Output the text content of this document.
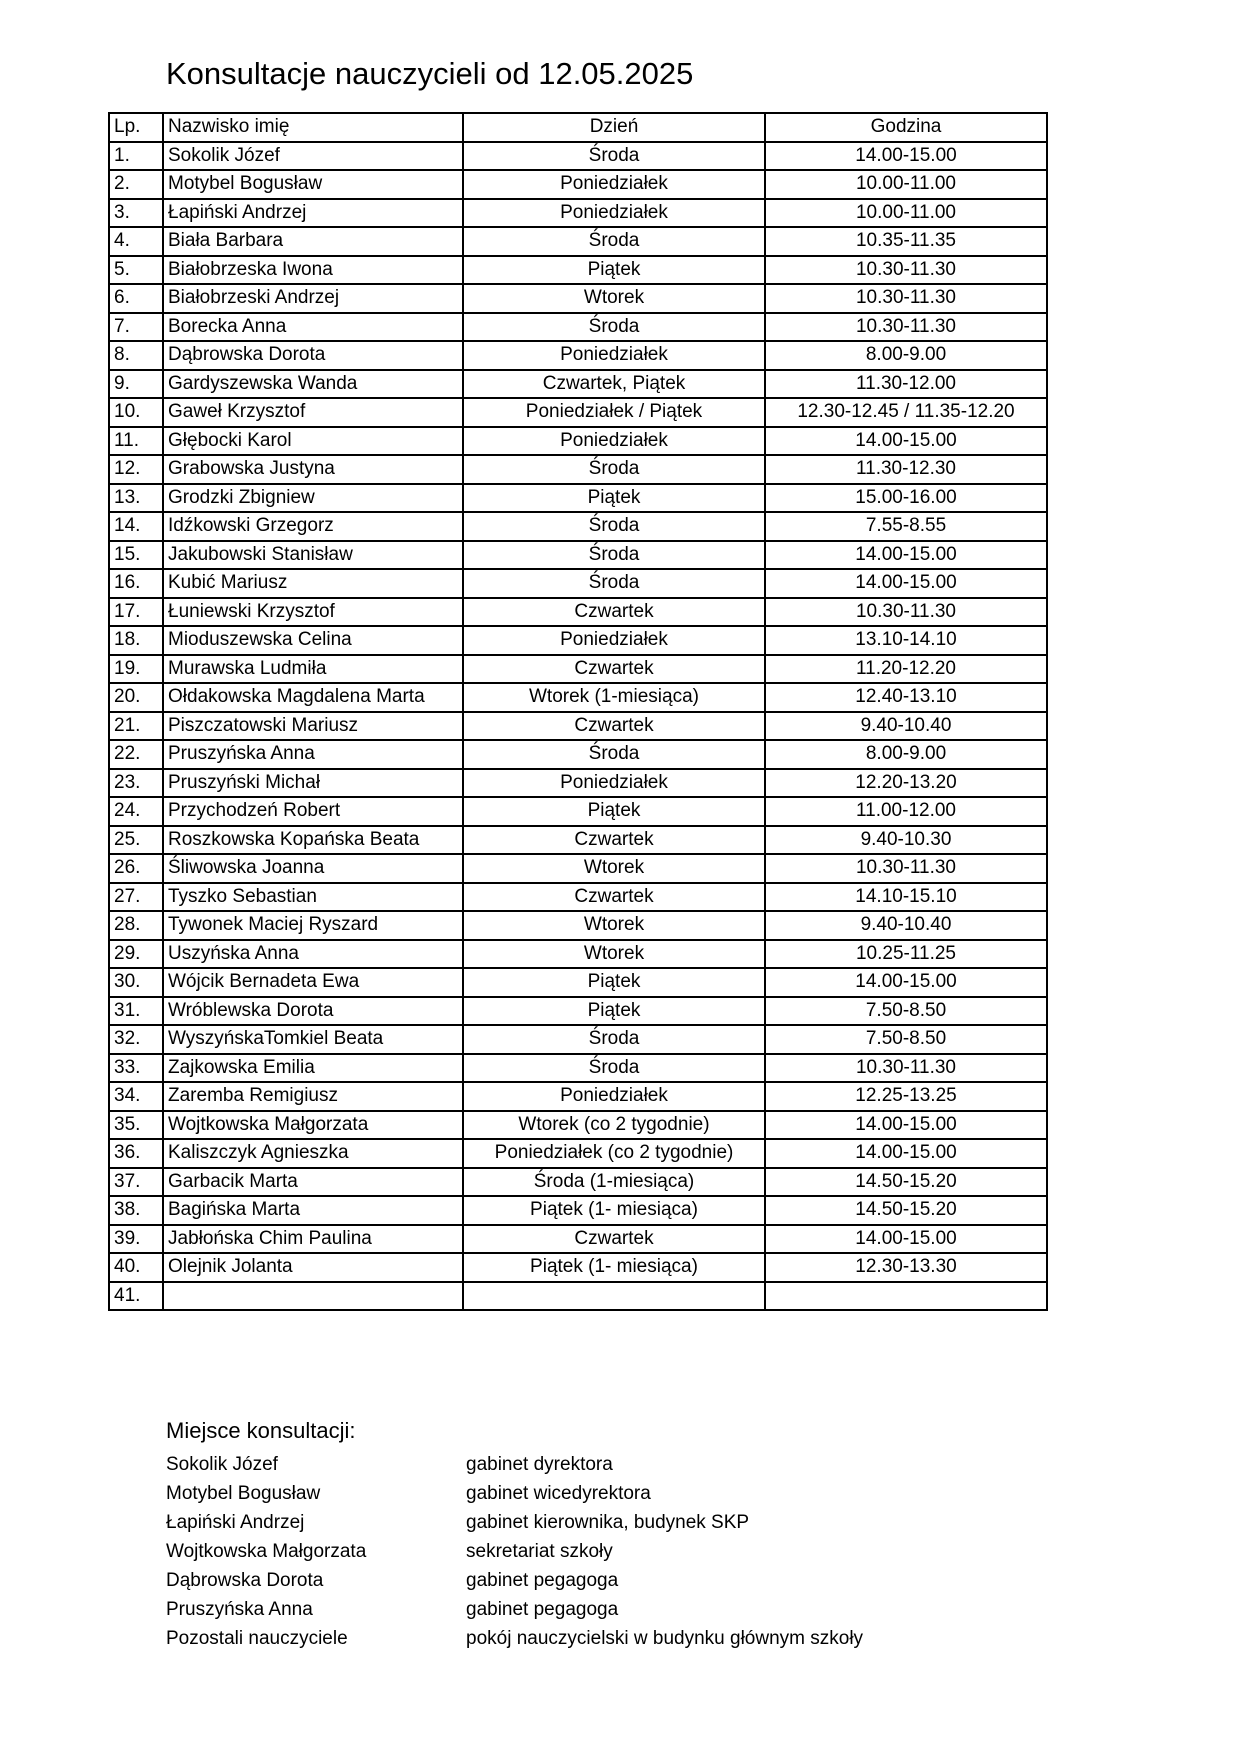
Konsultacje nauczycieli od 12.05.2025
Lp.	Nazwisko imię	Dzień	Godzina
1.	Sokolik Józef	Środa	14.00-15.00
2.	Motybel Bogusław	Poniedziałek	10.00-11.00
3.	Łapiński Andrzej	Poniedziałek	10.00-11.00
4.	Biała Barbara	Środa	10.35-11.35
5.	Białobrzeska Iwona	Piątek	10.30-11.30
6.	Białobrzeski Andrzej	Wtorek	10.30-11.30
7.	Borecka Anna	Środa	10.30-11.30
8.	Dąbrowska Dorota	Poniedziałek	8.00-9.00
9.	Gardyszewska Wanda	Czwartek, Piątek	11.30-12.00
10.	Gaweł Krzysztof	Poniedziałek / Piątek	12.30-12.45 / 11.35-12.20
11.	Głębocki Karol	Poniedziałek	14.00-15.00
12.	Grabowska Justyna	Środa	11.30-12.30
13.	Grodzki Zbigniew	Piątek	15.00-16.00
14.	Idźkowski Grzegorz	Środa	7.55-8.55
15.	Jakubowski Stanisław	Środa	14.00-15.00
16.	Kubić Mariusz	Środa	14.00-15.00
17.	Łuniewski Krzysztof	Czwartek	10.30-11.30
18.	Mioduszewska Celina	Poniedziałek	13.10-14.10
19.	Murawska Ludmiła	Czwartek	11.20-12.20
20.	Ołdakowska Magdalena Marta	Wtorek (1-miesiąca)	12.40-13.10
21.	Piszczatowski Mariusz	Czwartek	9.40-10.40
22.	Pruszyńska Anna	Środa	8.00-9.00
23.	Pruszyński Michał	Poniedziałek	12.20-13.20
24.	Przychodzeń Robert	Piątek	11.00-12.00
25.	Roszkowska Kopańska Beata	Czwartek	9.40-10.30
26.	Śliwowska Joanna	Wtorek	10.30-11.30
27.	Tyszko Sebastian	Czwartek	14.10-15.10
28.	Tywonek Maciej Ryszard	Wtorek	9.40-10.40
29.	Uszyńska Anna	Wtorek	10.25-11.25
30.	Wójcik Bernadeta Ewa	Piątek	14.00-15.00
31.	Wróblewska Dorota	Piątek	7.50-8.50
32.	WyszyńskaTomkiel Beata	Środa	7.50-8.50
33.	Zajkowska Emilia	Środa	10.30-11.30
34.	Zaremba Remigiusz	Poniedziałek	12.25-13.25
35.	Wojtkowska Małgorzata	Wtorek (co 2 tygodnie)	14.00-15.00
36.	Kaliszczyk Agnieszka	Poniedziałek (co 2 tygodnie)	14.00-15.00
37.	Garbacik Marta	Środa (1-miesiąca)	14.50-15.20
38.	Bagińska Marta	Piątek (1- miesiąca)	14.50-15.20
39.	Jabłońska Chim Paulina	Czwartek	14.00-15.00
40.	Olejnik Jolanta	Piątek (1- miesiąca)	12.30-13.30
41.			
Miejsce konsultacji:
Sokolik Józef	gabinet dyrektora
Motybel Bogusław	gabinet wicedyrektora
Łapiński Andrzej	gabinet kierownika, budynek SKP
Wojtkowska Małgorzata	sekretariat szkoły
Dąbrowska Dorota	gabinet pegagoga
Pruszyńska Anna	gabinet pegagoga
Pozostali nauczyciele	pokój nauczycielski w budynku głównym szkoły
